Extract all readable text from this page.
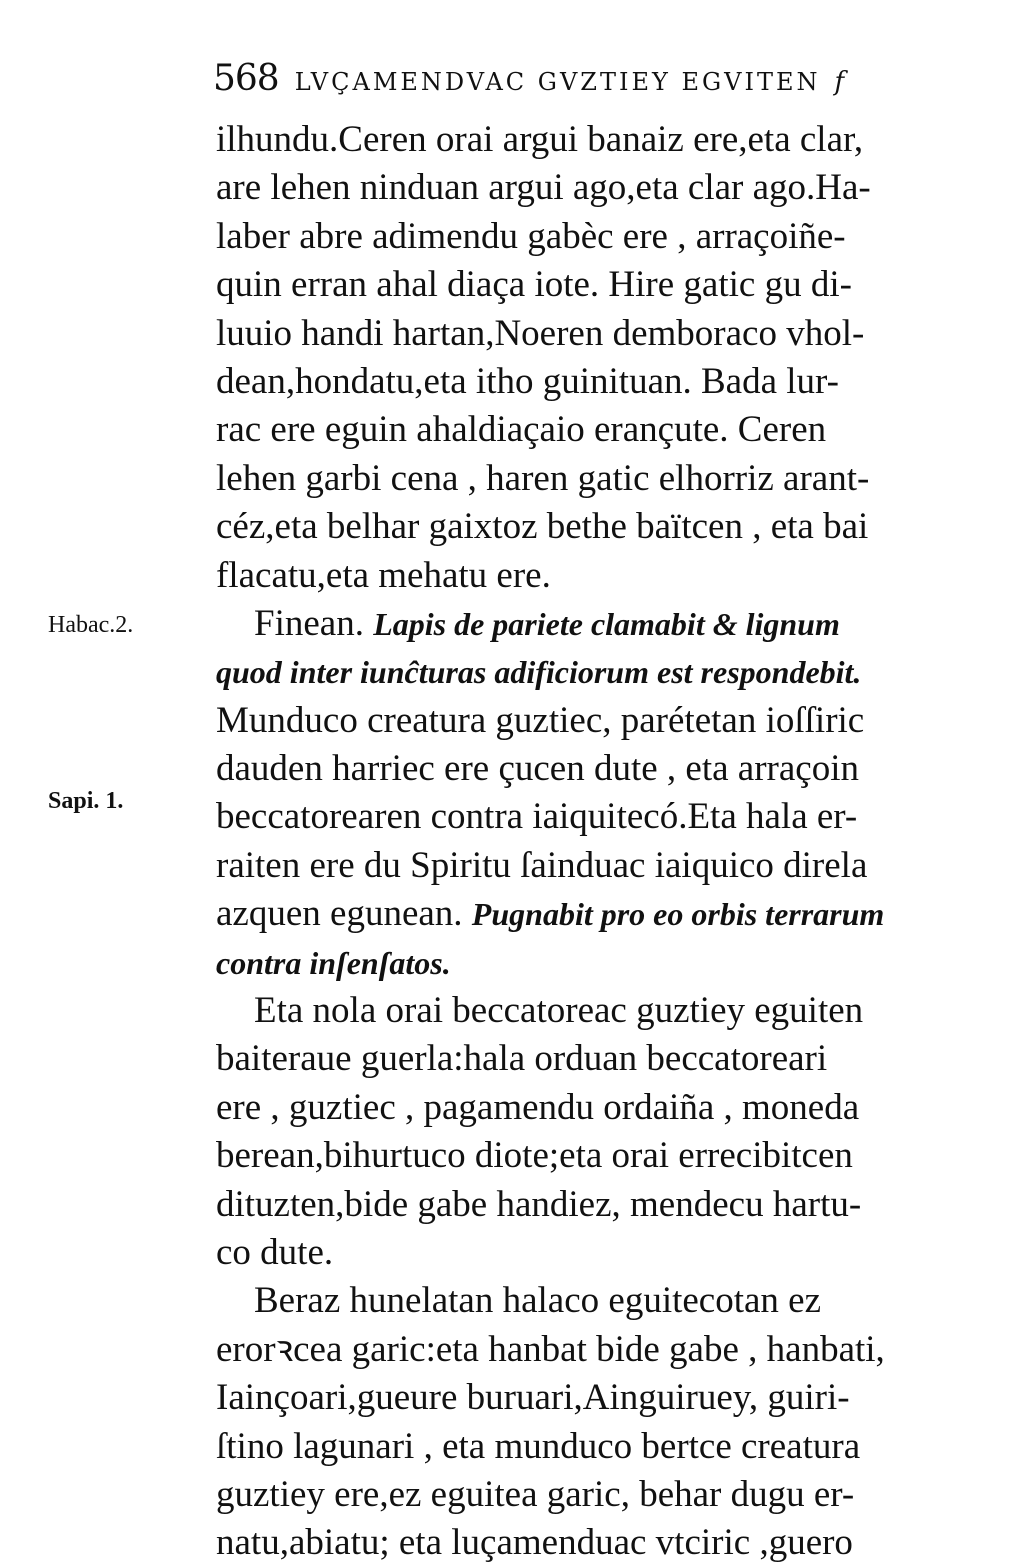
568 LVÇAMENDVAC GVZTIEY EGVITEN f
Habac.2.
Sapi. 1.
ilhundu.Ceren orai argui banaiz ere,eta clar,
are lehen ninduan argui ago,eta clar ago.Ha-
laber abre adimendu gabèc ere , arraçoiñe-
quin erran ahal diaça iote. Hire gatic gu di-
luuio handi hartan,Noeren demboraco vhol-
dean,hondatu,eta itho guinituan. Bada lur-
rac ere eguin ahaldiaçaio erançute. Ceren
lehen garbi cena , haren gatic elhorriz arant-
céz,eta belhar gaixtoz bethe baïtcen , eta bai
flacatu,eta mehatu ere.
Finean. Lapis de pariete clamabit & lignum
quod inter iunĉturas adificiorum est respondebit.
Munduco creatura guztiec, parétetan ioſſiric
dauden harriec ere çucen dute , eta arraçoin
beccatorearen contra iaiquitecó.Eta hala er-
raiten ere du Spiritu ſainduac iaiquico direla
azquen egunean. Pugnabit pro eo orbis terrarum
contra inſenſatos.
Eta nola orai beccatoreac guztiey eguiten
baiteraue guerla:hala orduan beccatoreari
ere , guztiec , pagamendu ordaiña , moneda
berean,bihurtuco diote;eta orai errecibitcen
dituzten,bide gabe handiez, mendecu hartu-
co dute.
Beraz hunelatan halaco eguitecotan ez
erorꝛcea garic:eta hanbat bide gabe , hanbati,
Iainçoari,gueure buruari,Ainguiruey, guiri-
ſtino lagunari , eta munduco bertce creatura
guztiey ere,ez eguitea garic, behar dugu er-
natu,abiatu; eta luçamenduac vtciric ,guero
